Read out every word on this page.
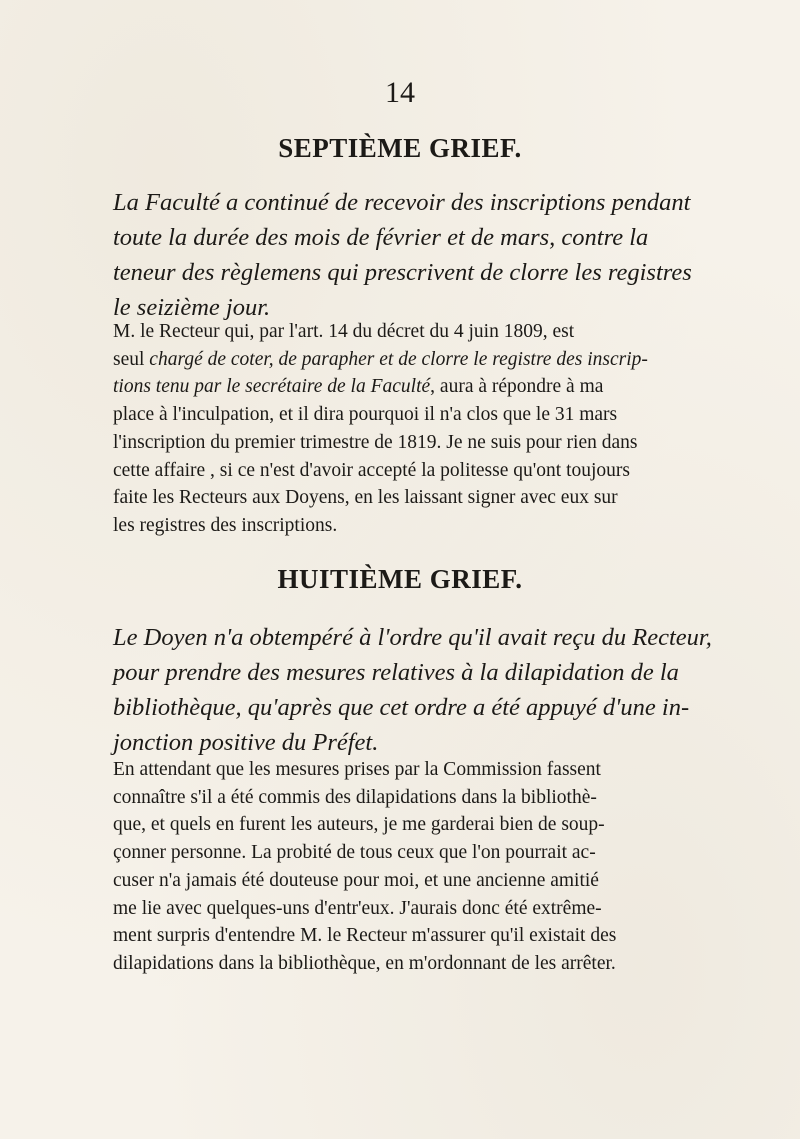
14
SEPTIÈME GRIEF.

La Faculté a continué de recevoir des inscriptions pendant

toute la durée des mois de février et de mars, contre la

teneur des règlemens qui prescrivent de clorre les registres

le seizième jour.

M. le Recteur qui, par l'art. 14 du décret du 4 juin 1809, est

seul chargé de coter, de parapher et de clorre le registre des inscrip-

tions tenu par le secrétaire de la Faculté, aura à répondre à ma

place à l'inculpation, et il dira pourquoi il n'a clos que le 31 mars

l'inscription du premier trimestre de 1819. Je ne suis pour rien dans

cette affaire , si ce n'est d'avoir accepté la politesse qu'ont toujours

faite les Recteurs aux Doyens, en les laissant signer avec eux sur

les registres des inscriptions.

HUITIÈME GRIEF.

Le Doyen n'a obtempéré à l'ordre qu'il avait reçu du Recteur,

pour prendre des mesures relatives à la dilapidation de la

bibliothèque, qu'après que cet ordre a été appuyé d'une in-

jonction positive du Préfet.

En attendant que les mesures prises par la Commission fassent

connaître s'il a été commis des dilapidations dans la bibliothè-

que, et quels en furent les auteurs, je me garderai bien de soup-

çonner personne. La probité de tous ceux que l'on pourrait ac-

cuser n'a jamais été douteuse pour moi, et une ancienne amitié

me lie avec quelques-uns d'entr'eux. J'aurais donc été extrême-

ment surpris d'entendre M. le Recteur m'assurer qu'il existait des

dilapidations dans la bibliothèque, en m'ordonnant de les arrêter.
